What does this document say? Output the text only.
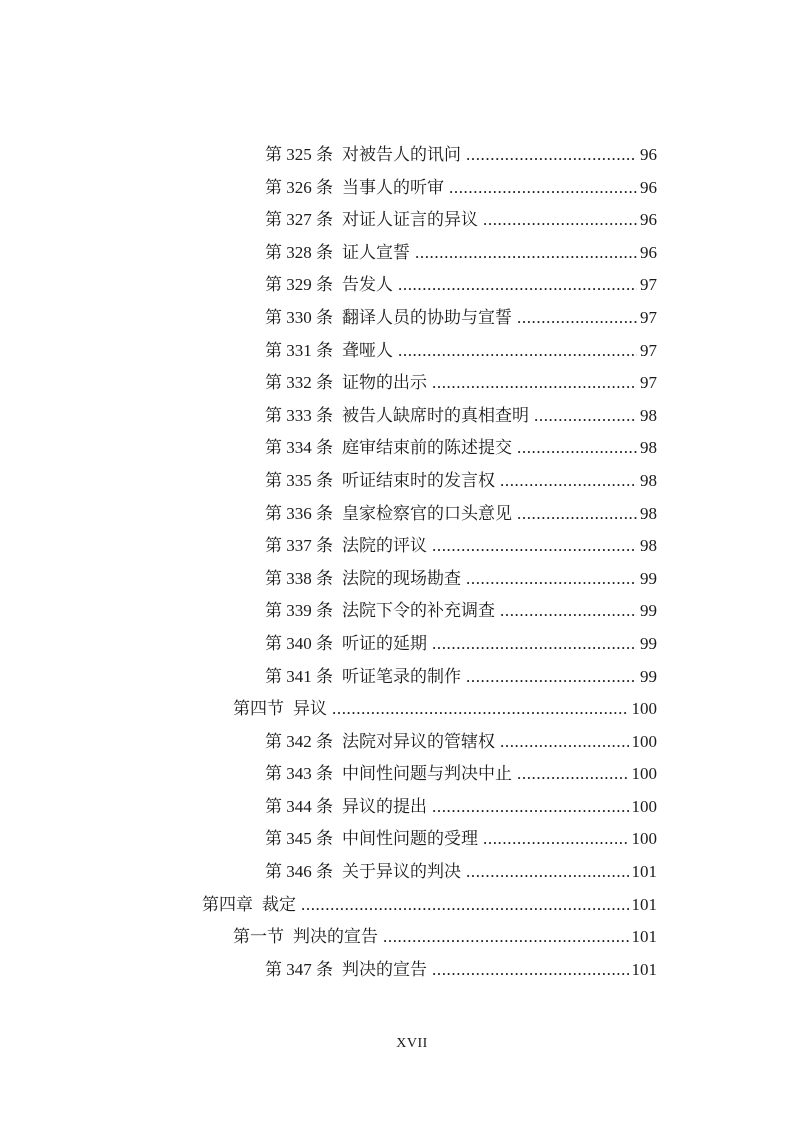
第 325 条 对被告人的讯问 .....	96
第 326 条 当事人的听审 .....	96
第 327 条 对证人证言的异议 .....	96
第 328 条 证人宣誓 .....	96
第 329 条 告发人 .....	97
第 330 条 翻译人员的协助与宣誓 .....	97
第 331 条 聋哑人 .....	97
第 332 条 证物的出示 .....	97
第 333 条 被告人缺席时的真相查明 .....	98
第 334 条 庭审结束前的陈述提交 .....	98
第 335 条 听证结束时的发言权 .....	98
第 336 条 皇家检察官的口头意见 .....	98
第 337 条 法院的评议 .....	98
第 338 条 法院的现场勘查 .....	99
第 339 条 法院下令的补充调查 .....	99
第 340 条 听证的延期 .....	99
第 341 条 听证笔录的制作 .....	99
第四节 异议 .....	100
第 342 条 法院对异议的管辖权 .....	100
第 343 条 中间性问题与判决中止 .....	100
第 344 条 异议的提出 .....	100
第 345 条 中间性问题的受理 .....	100
第 346 条 关于异议的判决 .....	101
第四章 裁定 .....	101
第一节 判决的宣告 .....	101
第 347 条 判决的宣告 .....	101
XVII
